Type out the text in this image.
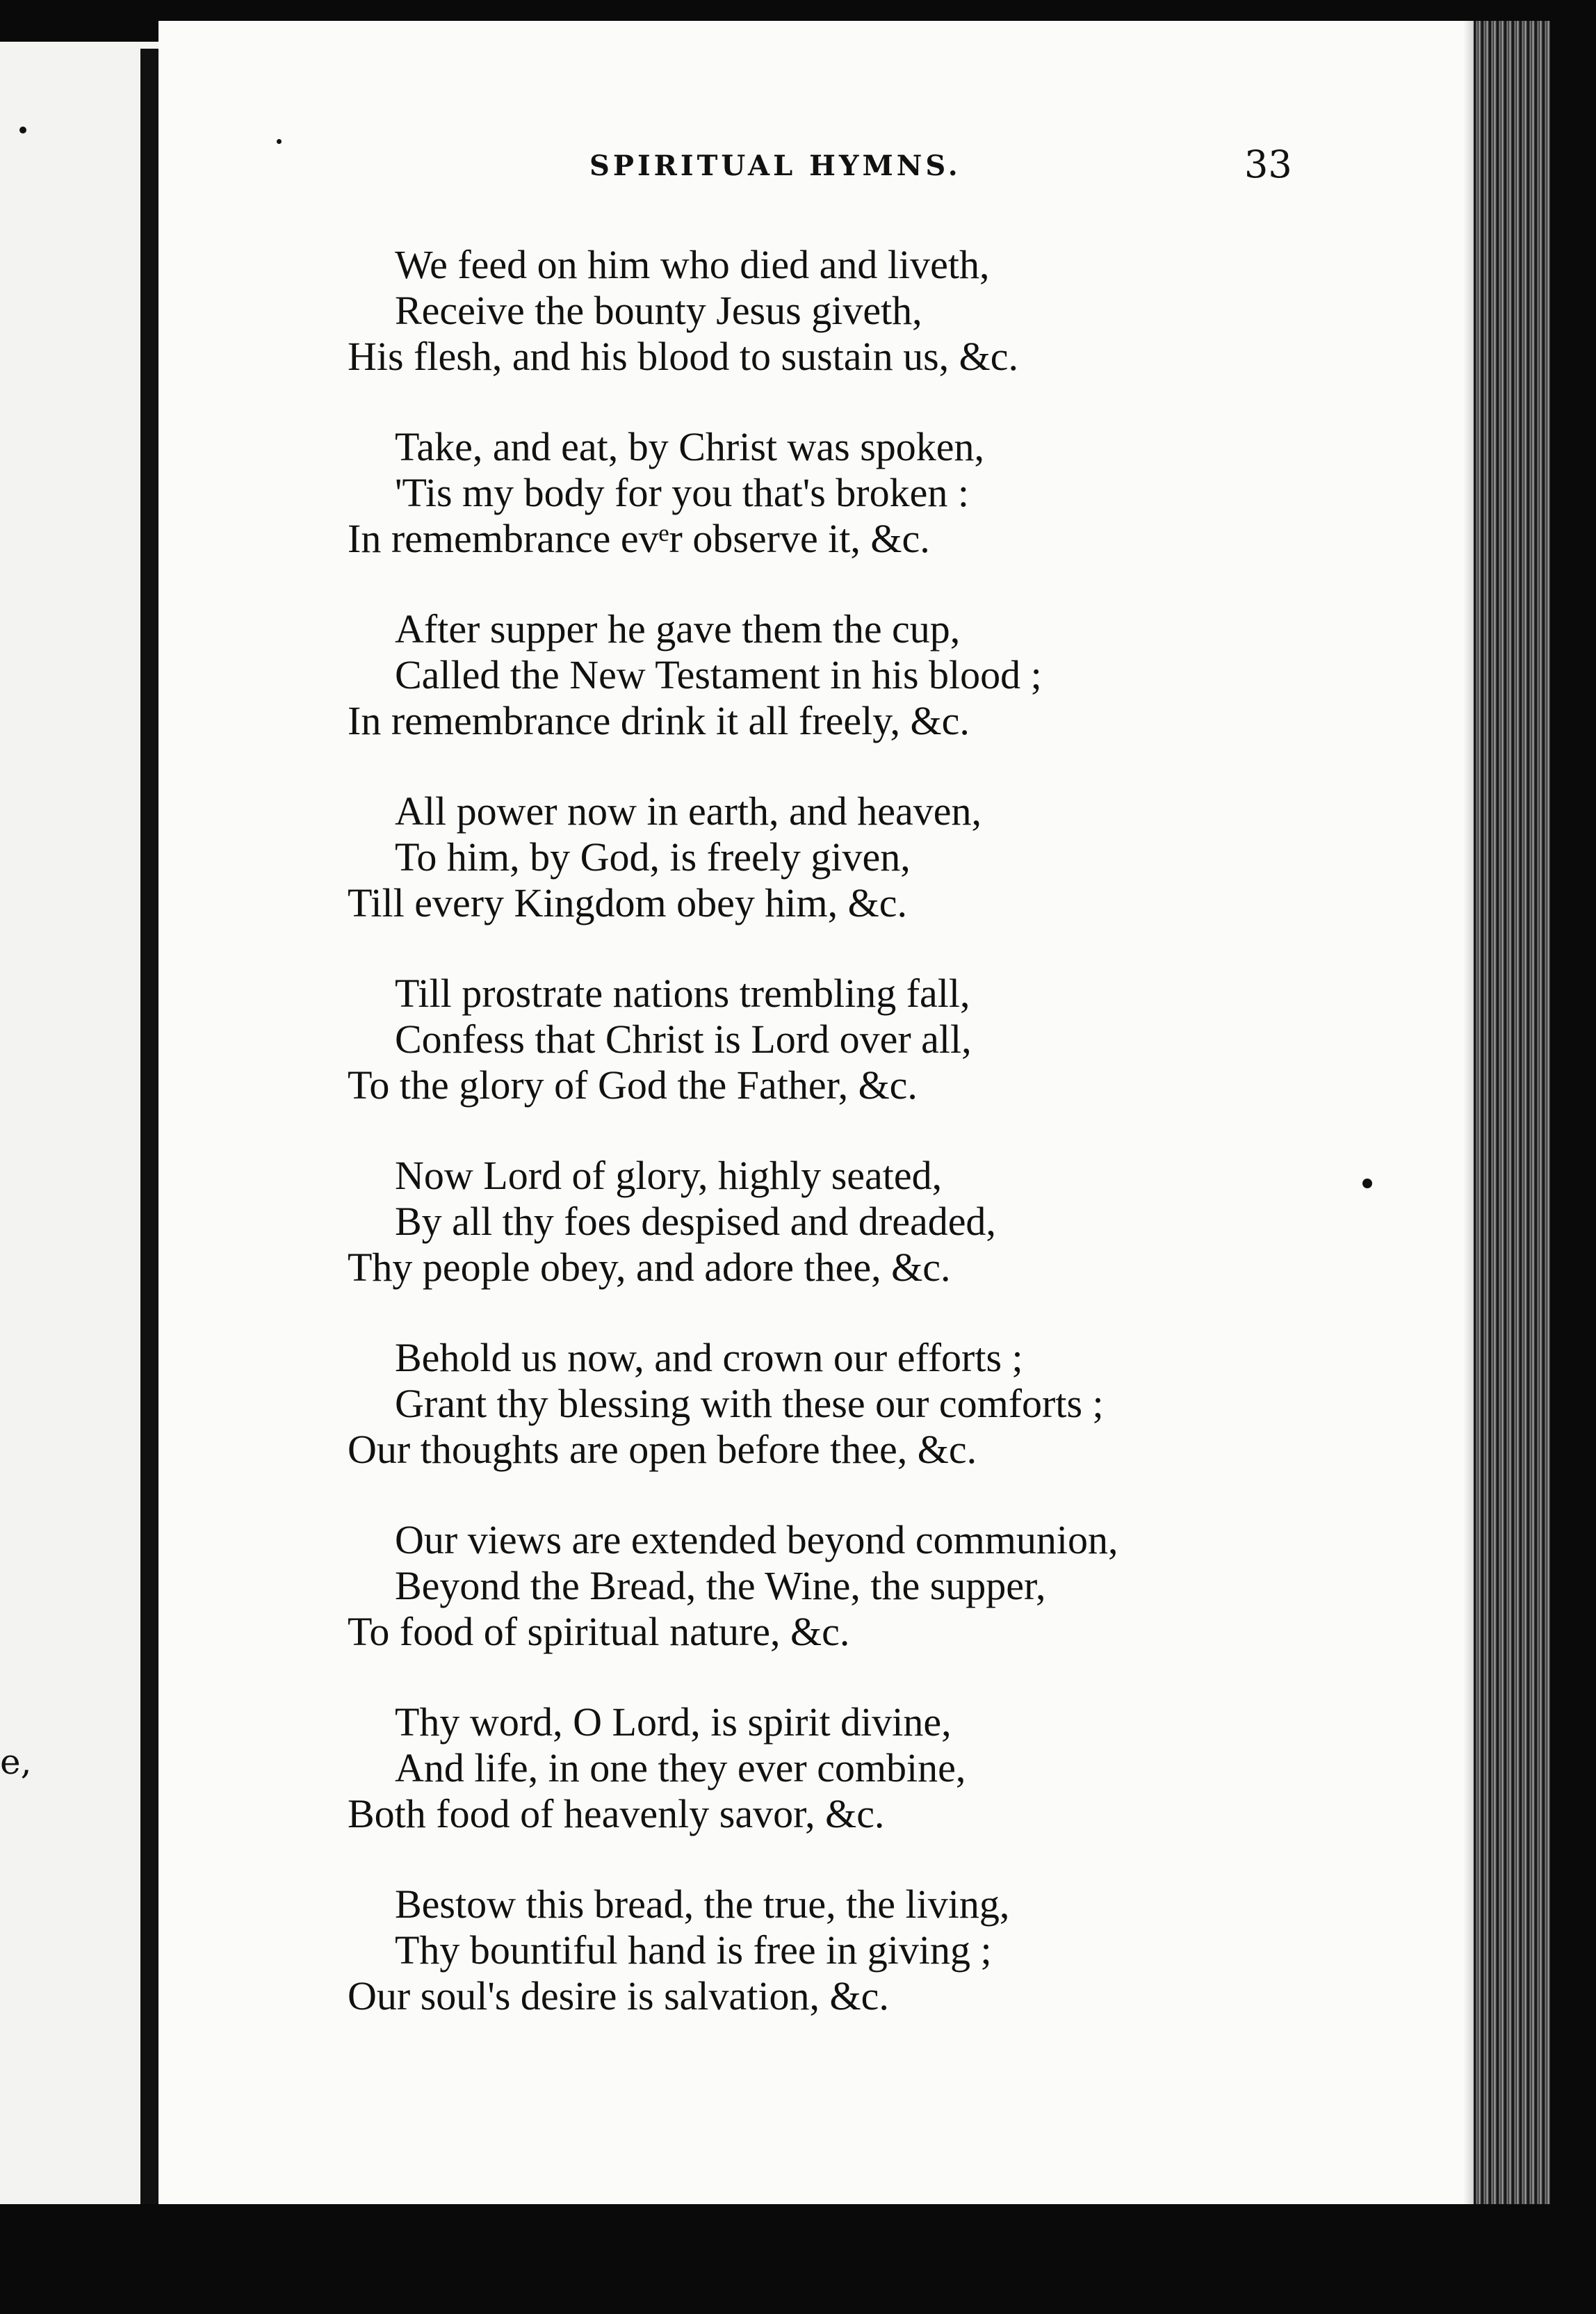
e,
SPIRITUAL HYMNS.	33
We feed on him who died and liveth,
Receive the bounty Jesus giveth,
His flesh, and his blood to sustain us, &c.
Take, and eat, by Christ was spoken,
'Tis my body for you that's broken :
In remembrance evᵉr observe it, &c.
After supper he gave them the cup,
Called the New Testament in his blood ;
In remembrance drink it all freely, &c.
All power now in earth, and heaven,
To him, by God, is freely given,
Till every Kingdom obey him, &c.
Till prostrate nations trembling fall,
Confess that Christ is Lord over all,
To the glory of God the Father, &c.
Now Lord of glory, highly seated,
By all thy foes despised and dreaded,
Thy people obey, and adore thee, &c.
Behold us now, and crown our efforts ;
Grant thy blessing with these our comforts ;
Our thoughts are open before thee, &c.
Our views are extended beyond communion,
Beyond the Bread, the Wine, the supper,
To food of spiritual nature, &c.
Thy word, O Lord, is spirit divine,
And life, in one they ever combine,
Both food of heavenly savor, &c.
Bestow this bread, the true, the living,
Thy bountiful hand is free in giving ;
Our soul's desire is salvation, &c.
